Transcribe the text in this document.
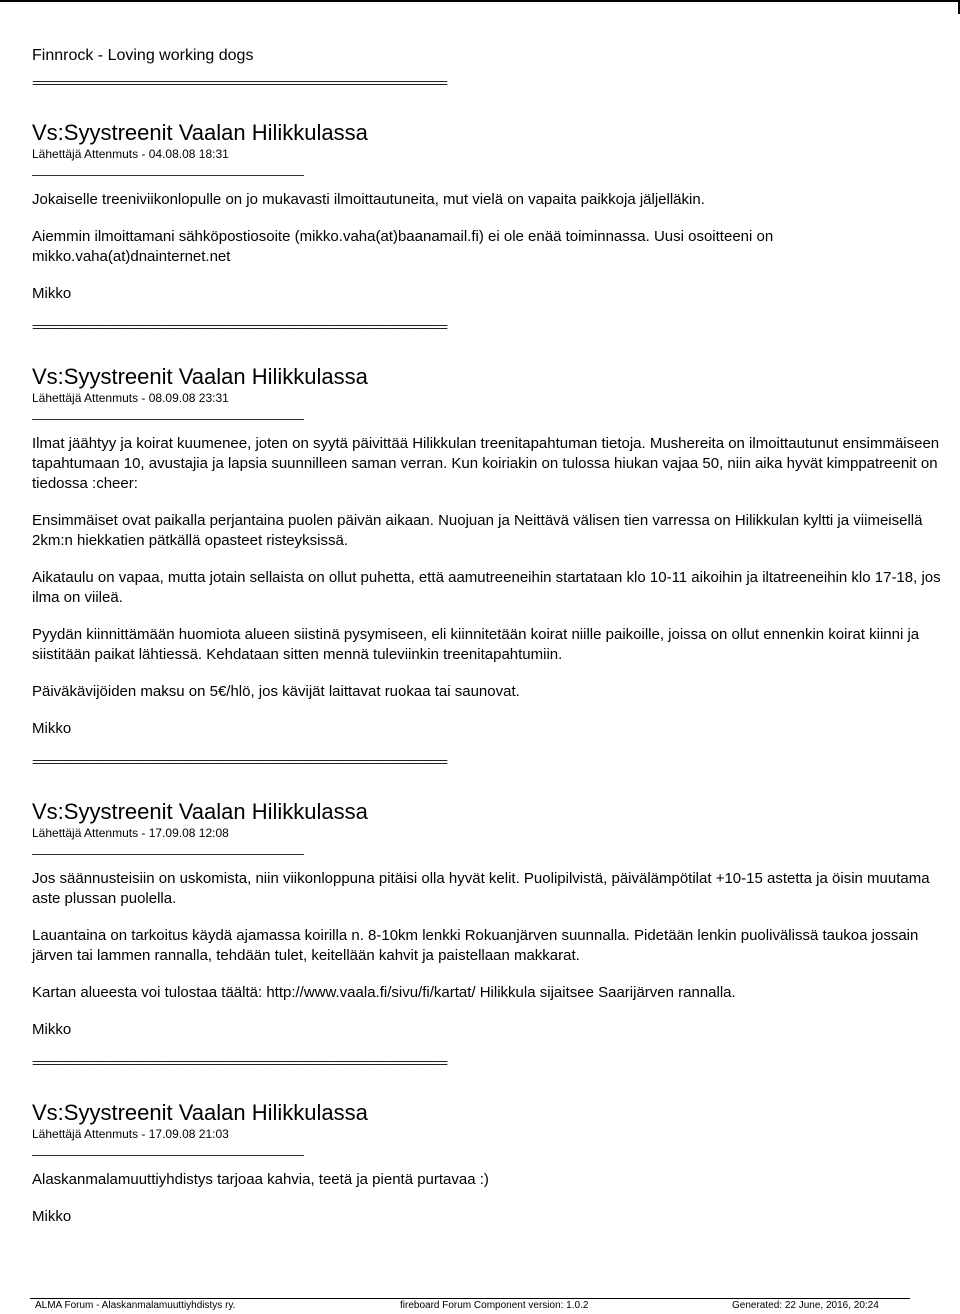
Finnrock - Loving working dogs
============================================================================
Vs:Syystreenit Vaalan Hilikkulassa
Lähettäjä Attenmuts - 04.08.08 18:31

Jokaiselle treeniviikonlopulle on jo mukavasti ilmoittautuneita, mut vielä on vapaita paikkoja jäljelläkin.

Aiemmin ilmoittamani sähköpostiosoite (mikko.vaha(at)baanamail.fi) ei ole enää toiminnassa. Uusi osoitteeni on mikko.vaha(at)dnainternet.net

Mikko

============================================================================
Vs:Syystreenit Vaalan Hilikkulassa
Lähettäjä Attenmuts - 08.09.08 23:31

Ilmat jäähtyy ja koirat kuumenee, joten on syytä päivittää Hilikkulan treenitapahtuman tietoja. Mushereita on ilmoittautunut ensimmäiseen tapahtumaan 10, avustajia ja lapsia suunnilleen saman verran. Kun koiriakin on tulossa hiukan vajaa 50, niin aika hyvät kimppatreenit on tiedossa :cheer:

Ensimmäiset ovat paikalla perjantaina puolen päivän aikaan. Nuojuan ja Neittävä välisen tien varressa on Hilikkulan kyltti ja viimeisellä 2km:n hiekkatien pätkällä opasteet risteyksissä.

Aikataulu on vapaa, mutta jotain sellaista on ollut puhetta, että aamutreeneihin startataan klo 10-11 aikoihin ja iltatreeneihin klo 17-18, jos ilma on viileä.

Pyydän kiinnittämään huomiota alueen siistinä pysymiseen, eli kiinnitetään koirat niille paikoille, joissa on ollut ennenkin koirat kiinni ja siistitään paikat lähtiessä. Kehdataan sitten mennä tuleviinkin treenitapahtumiin.

Päiväkävijöiden maksu on 5€/hlö, jos kävijät laittavat ruokaa tai saunovat.

Mikko

============================================================================
Vs:Syystreenit Vaalan Hilikkulassa
Lähettäjä Attenmuts - 17.09.08 12:08

Jos säännusteisiin on uskomista, niin viikonloppuna pitäisi olla hyvät kelit. Puolipilvistä, päivälämpötilat +10-15 astetta ja öisin muutama aste plussan puolella.

Lauantaina on tarkoitus käydä ajamassa koirilla n. 8-10km lenkki Rokuanjärven suunnalla. Pidetään lenkin puolivälissä taukoa jossain järven tai lammen rannalla, tehdään tulet, keitellään kahvit ja paistellaan makkarat.

Kartan alueesta voi tulostaa täältä: http://www.vaala.fi/sivu/fi/kartat/ Hilikkula sijaitsee Saarijärven rannalla.

Mikko

============================================================================
Vs:Syystreenit Vaalan Hilikkulassa
Lähettäjä Attenmuts - 17.09.08 21:03

Alaskanmalamuuttiyhdistys tarjoaa kahvia, teetä ja pientä purtavaa :)

Mikko

ALMA Forum - Alaskanmalamuuttiyhdistys ry.	fireboard Forum Component version: 1.0.2	Generated: 22 June, 2016, 20:24
